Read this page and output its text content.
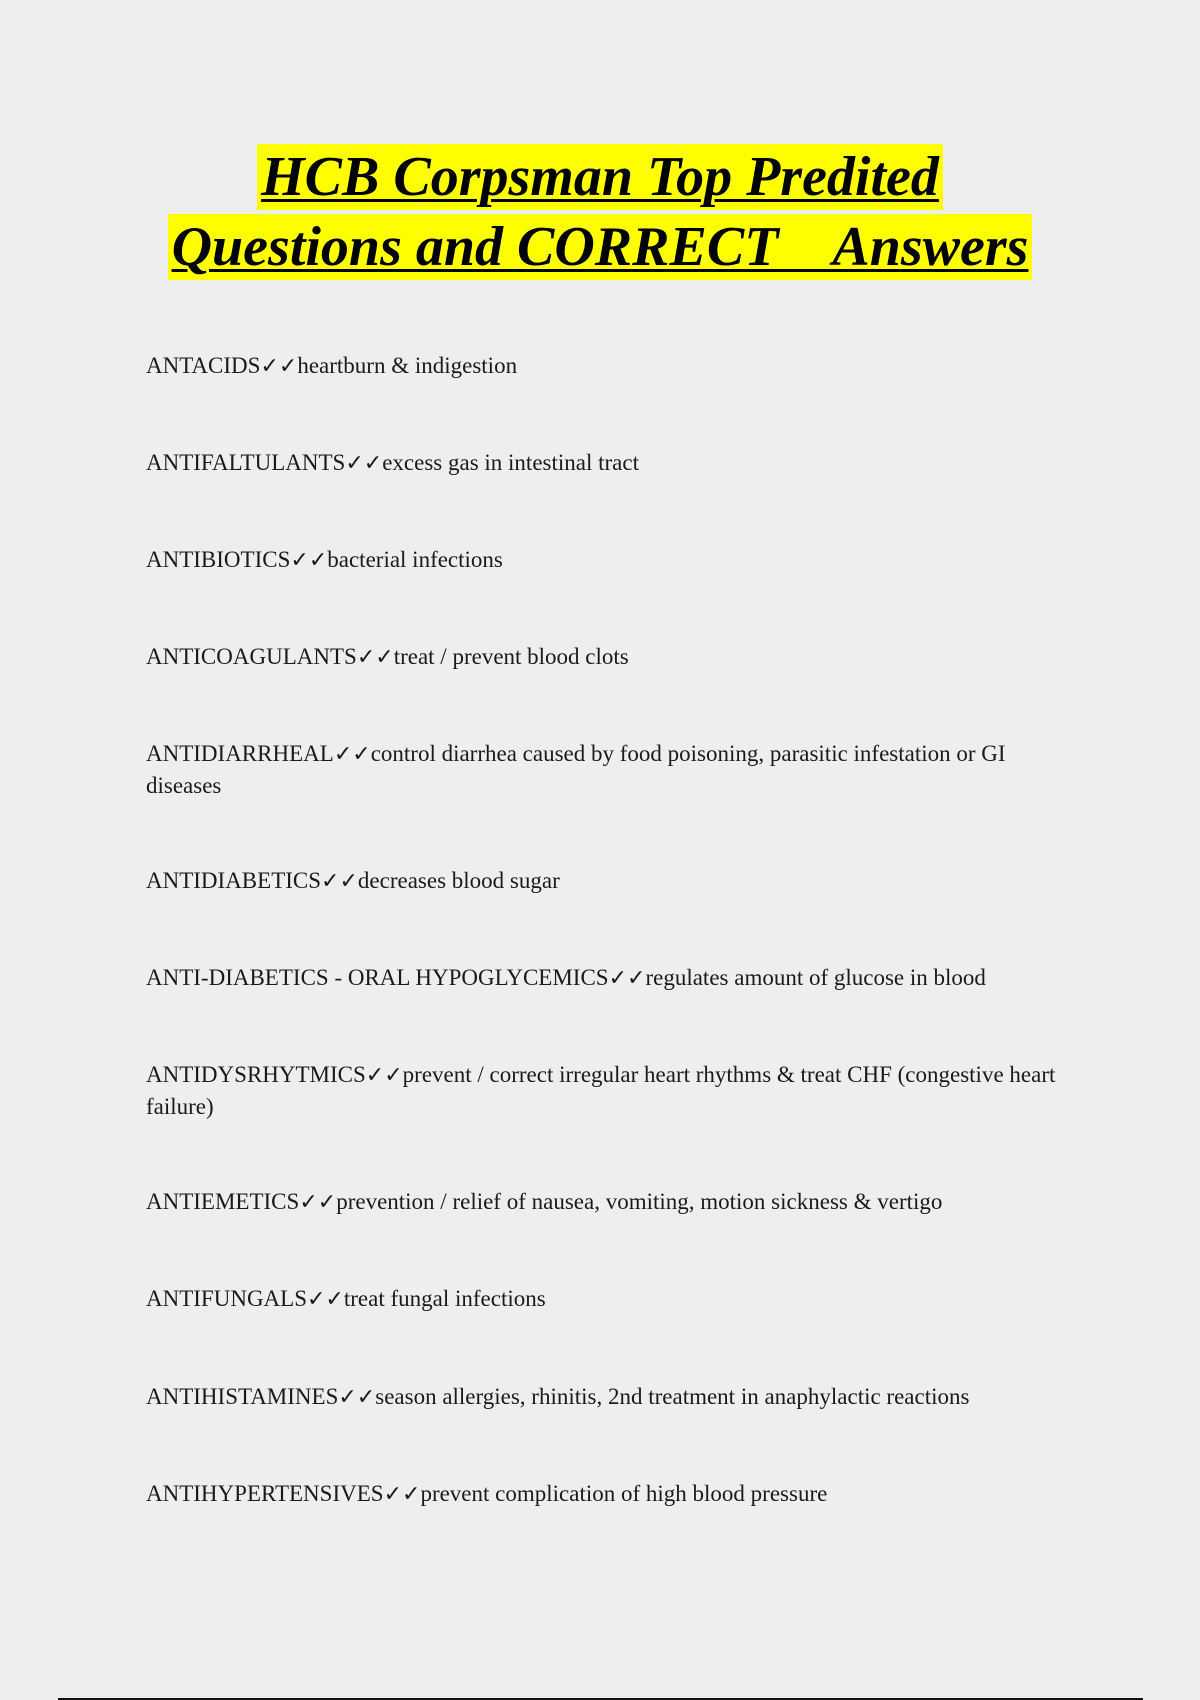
HCB Corpsman Top Predited
Questions and CORRECT    Answers
ANTACIDS✓✓heartburn & indigestion
ANTIFALTULANTS✓✓excess gas in intestinal tract
ANTIBIOTICS✓✓bacterial infections
ANTICOAGULANTS✓✓treat / prevent blood clots
ANTIDIARRHEAL✓✓control diarrhea caused by food poisoning, parasitic infestation or GI diseases
ANTIDIABETICS✓✓decreases blood sugar
ANTI-DIABETICS - ORAL HYPOGLYCEMICS✓✓regulates amount of glucose in blood
ANTIDYSRHYTMICS✓✓prevent / correct irregular heart rhythms & treat CHF (congestive heart failure)
ANTIEMETICS✓✓prevention / relief of nausea, vomiting, motion sickness & vertigo
ANTIFUNGALS✓✓treat fungal infections
ANTIHISTAMINES✓✓season allergies, rhinitis, 2nd treatment in anaphylactic reactions
ANTIHYPERTENSIVES✓✓prevent complication of high blood pressure
